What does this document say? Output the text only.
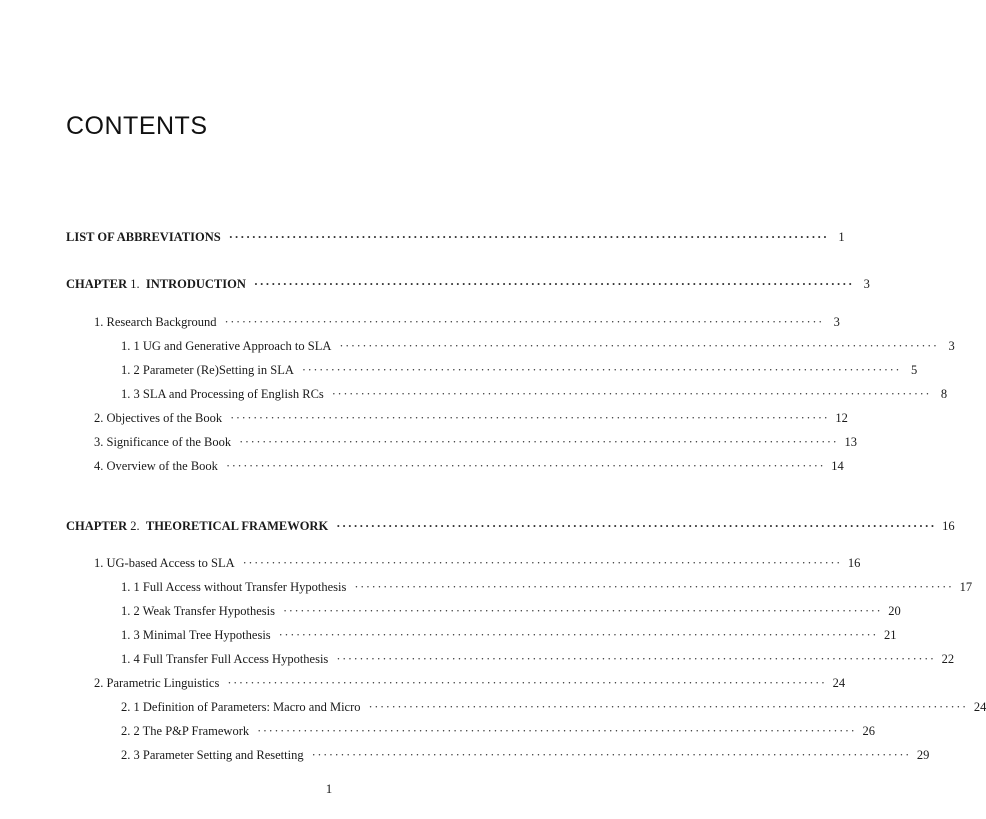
CONTENTS
LIST OF ABBREVIATIONS ········································································································ 1
CHAPTER 1. INTRODUCTION ········································································································ 3
1. Research Background ········································································································ 3
1. 1 UG and Generative Approach to SLA ········································································································ 3
1. 2 Parameter (Re)Setting in SLA ········································································································ 5
1. 3 SLA and Processing of English RCs ········································································································ 8
2. Objectives of the Book ········································································································ 12
3. Significance of the Book ········································································································ 13
4. Overview of the Book ········································································································ 14
CHAPTER 2. THEORETICAL FRAMEWORK ········································································································ 16
1. UG-based Access to SLA ········································································································ 16
1. 1 Full Access without Transfer Hypothesis ········································································································ 17
1. 2 Weak Transfer Hypothesis ········································································································ 20
1. 3 Minimal Tree Hypothesis ········································································································ 21
1. 4 Full Transfer Full Access Hypothesis ········································································································ 22
2. Parametric Linguistics ········································································································ 24
2. 1 Definition of Parameters: Macro and Micro ········································································································ 24
2. 2 The P&P Framework ········································································································ 26
2. 3 Parameter Setting and Resetting ········································································································ 29
1
